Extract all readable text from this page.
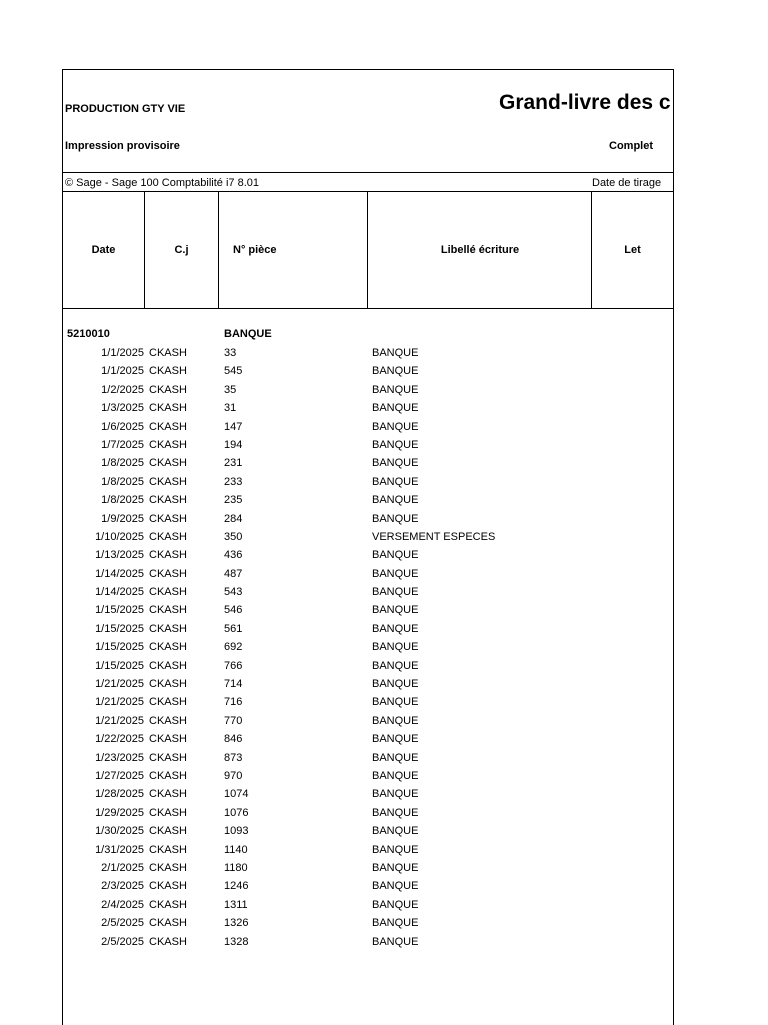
PRODUCTION GTY VIE	Grand-livre des c
Impression provisoire	Complet
© Sage - Sage 100 Comptabilité i7 8.01	Date de tirage
Date	C.j	N° pièce	Libellé écriture	Let
5210010	BANQUE
1/1/2025 CKASH	33	BANQUE
1/1/2025 CKASH	545	BANQUE
1/2/2025 CKASH	35	BANQUE
1/3/2025 CKASH	31	BANQUE
1/6/2025 CKASH	147	BANQUE
1/7/2025 CKASH	194	BANQUE
1/8/2025 CKASH	231	BANQUE
1/8/2025 CKASH	233	BANQUE
1/8/2025 CKASH	235	BANQUE
1/9/2025 CKASH	284	BANQUE
1/10/2025 CKASH	350	VERSEMENT ESPECES
1/13/2025 CKASH	436	BANQUE
1/14/2025 CKASH	487	BANQUE
1/14/2025 CKASH	543	BANQUE
1/15/2025 CKASH	546	BANQUE
1/15/2025 CKASH	561	BANQUE
1/15/2025 CKASH	692	BANQUE
1/15/2025 CKASH	766	BANQUE
1/21/2025 CKASH	714	BANQUE
1/21/2025 CKASH	716	BANQUE
1/21/2025 CKASH	770	BANQUE
1/22/2025 CKASH	846	BANQUE
1/23/2025 CKASH	873	BANQUE
1/27/2025 CKASH	970	BANQUE
1/28/2025 CKASH	1074	BANQUE
1/29/2025 CKASH	1076	BANQUE
1/30/2025 CKASH	1093	BANQUE
1/31/2025 CKASH	1140	BANQUE
2/1/2025 CKASH	1180	BANQUE
2/3/2025 CKASH	1246	BANQUE
2/4/2025 CKASH	1311	BANQUE
2/5/2025 CKASH	1326	BANQUE
2/5/2025 CKASH	1328	BANQUE
